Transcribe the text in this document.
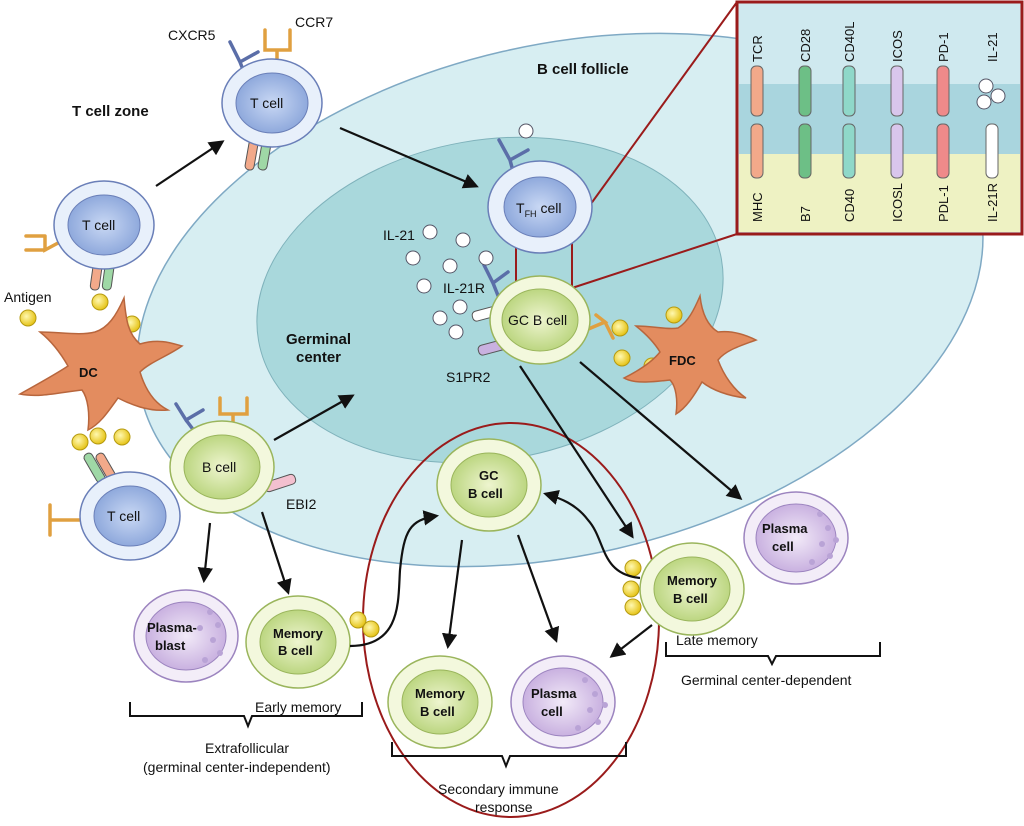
TCR
MHC
CD28
B7
CD40L
CD40
ICOS
ICOSL
PD-1
PDL-1
IL-21
IL-21R
CXCR5
CCR7
B cell follicle
T cell zone
Antigen
Germinal
center
IL-21
IL-21R
S1PR2
EBI2
DC
FDC
T cell
T cell
T cell
$T_{FH}$ cell
GC B cell
B cell
GC
B cell
Memory
B cell
Memory
B cell
Memory
B cell
Plasma-
blast
Plasma
cell
Plasma
cell
Early memory
Late memory
Germinal center-dependent
Extrafollicular
(germinal center-independent)
Secondary immune
response
